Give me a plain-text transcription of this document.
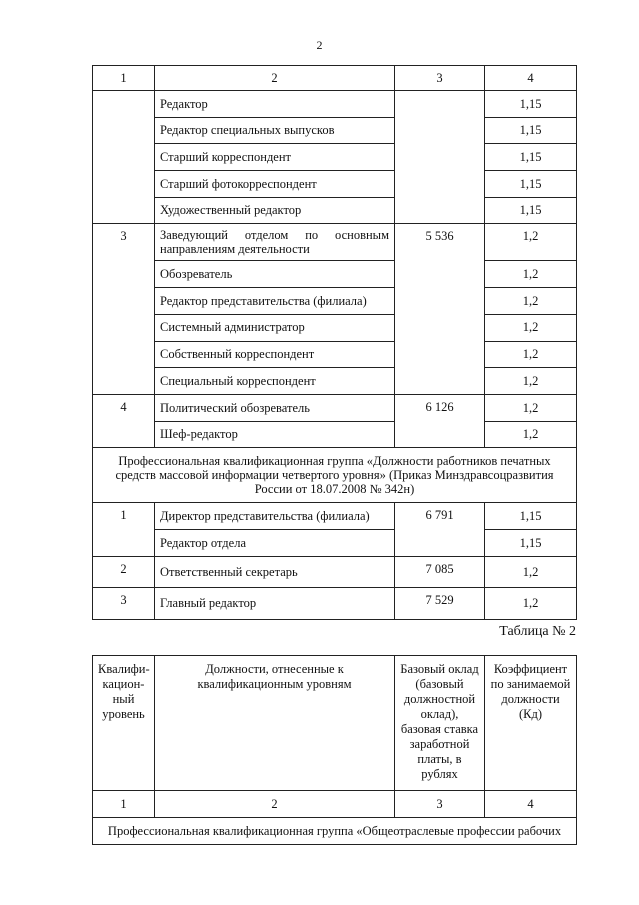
2
1	2	3	4
	Редактор		1,15
	Редактор специальных выпусков		1,15
	Старший корреспондент		1,15
	Старший фотокорреспондент		1,15
	Художественный редактор		1,15
3	Заведующий отделом по основным направлениям деятельности	5 536	1,2
	Обозреватель		1,2
	Редактор представительства (филиала)		1,2
	Системный администратор		1,2
	Собственный корреспондент		1,2
	Специальный корреспондент		1,2
4	Политический обозреватель	6 126	1,2
	Шеф-редактор		1,2
Профессиональная квалификационная группа «Должности работников печатных средств массовой информации четвертого уровня» (Приказ Минздравсоцразвития России от 18.07.2008 № 342н)			
1	Директор представительства (филиала)	6 791	1,15
	Редактор отдела		1,15
2	Ответственный секретарь	7 085	1,2
3	Главный редактор	7 529	1,2
Таблица № 2
Квалифи-кацион-ный уровень	Должности, отнесенные к квалификационным уровням	Базовый оклад (базовый должностной оклад), базовая ставка заработной платы, в рублях	Коэффициент по занимаемой должности (Кд)
1	2	3	4
Профессиональная квалификационная группа «Общеотраслевые профессии рабочих			
